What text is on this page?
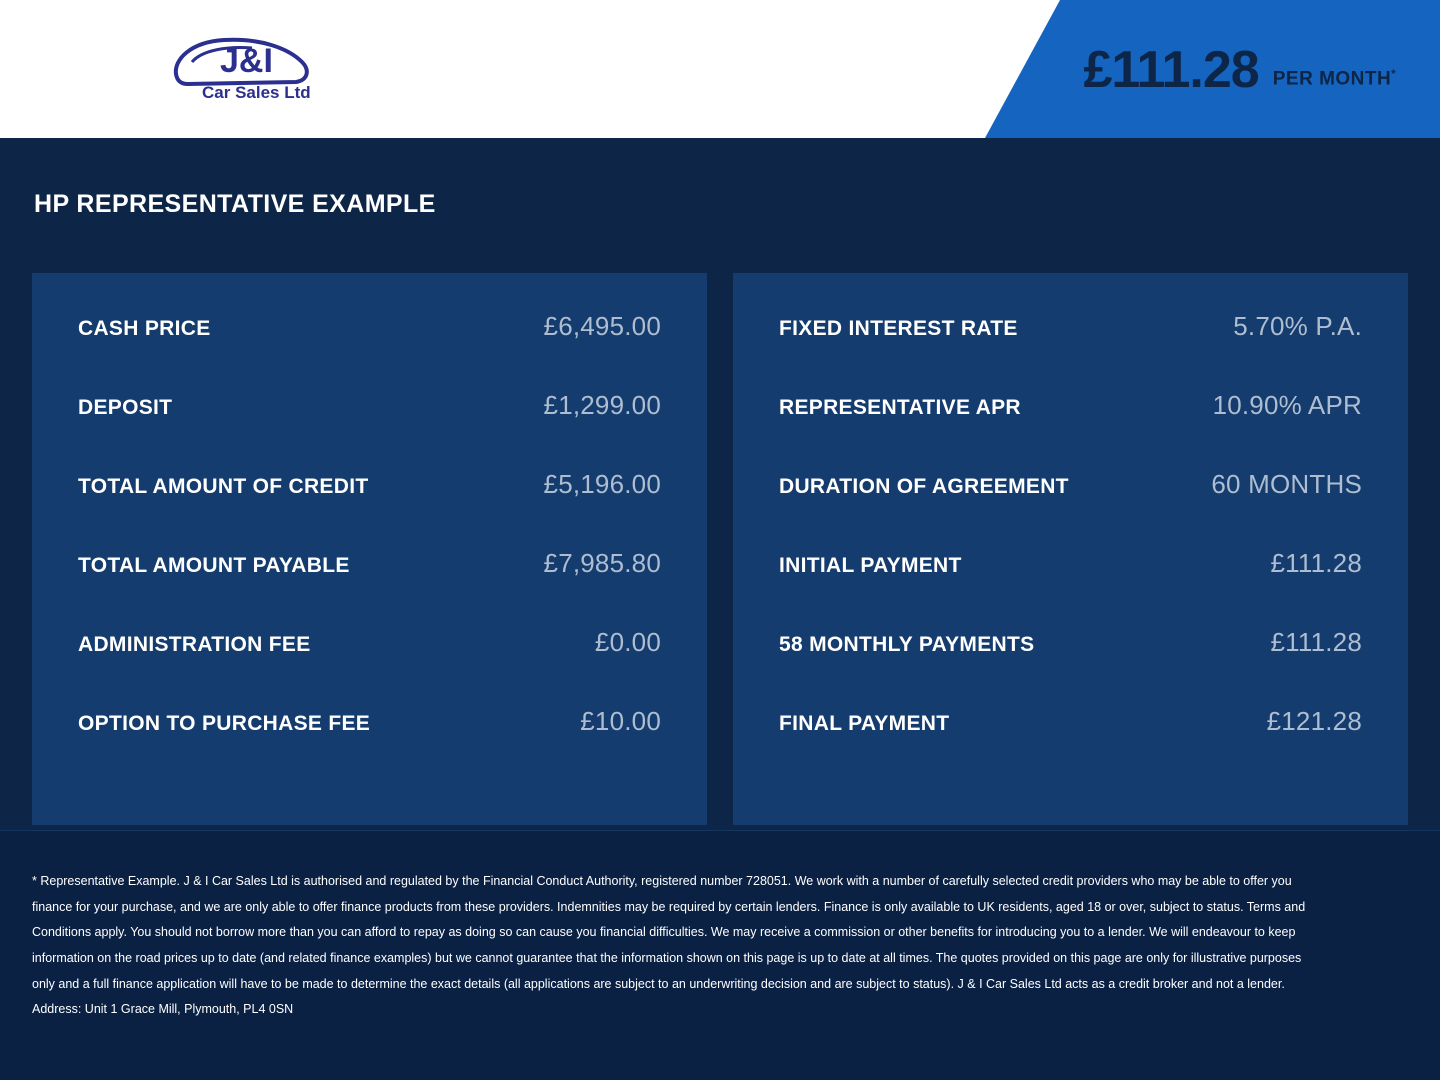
J&I
Car Sales Ltd	£111.28 PER MONTH*
HP REPRESENTATIVE EXAMPLE
CASH PRICE	£6,495.00
DEPOSIT	£1,299.00
TOTAL AMOUNT OF CREDIT	£5,196.00
TOTAL AMOUNT PAYABLE	£7,985.80
ADMINISTRATION FEE	£0.00
OPTION TO PURCHASE FEE	£10.00
FIXED INTEREST RATE	5.70% P.A.
REPRESENTATIVE APR	10.90% APR
DURATION OF AGREEMENT	60 MONTHS
INITIAL PAYMENT	£111.28
58 MONTHLY PAYMENTS	£111.28
FINAL PAYMENT	£121.28
* Representative Example. J & I Car Sales Ltd is authorised and regulated by the Financial Conduct Authority, registered number 728051. We work with a number of carefully selected credit providers who may be able to offer you finance for your purchase, and we are only able to offer finance products from these providers. Indemnities may be required by certain lenders. Finance is only available to UK residents, aged 18 or over, subject to status. Terms and Conditions apply. You should not borrow more than you can afford to repay as doing so can cause you financial difficulties. We may receive a commission or other benefits for introducing you to a lender. We will endeavour to keep information on the road prices up to date (and related finance examples) but we cannot guarantee that the information shown on this page is up to date at all times. The quotes provided on this page are only for illustrative purposes only and a full finance application will have to be made to determine the exact details (all applications are subject to an underwriting decision and are subject to status). J & I Car Sales Ltd acts as a credit broker and not a lender. Address: Unit 1 Grace Mill, Plymouth, PL4 0SN
